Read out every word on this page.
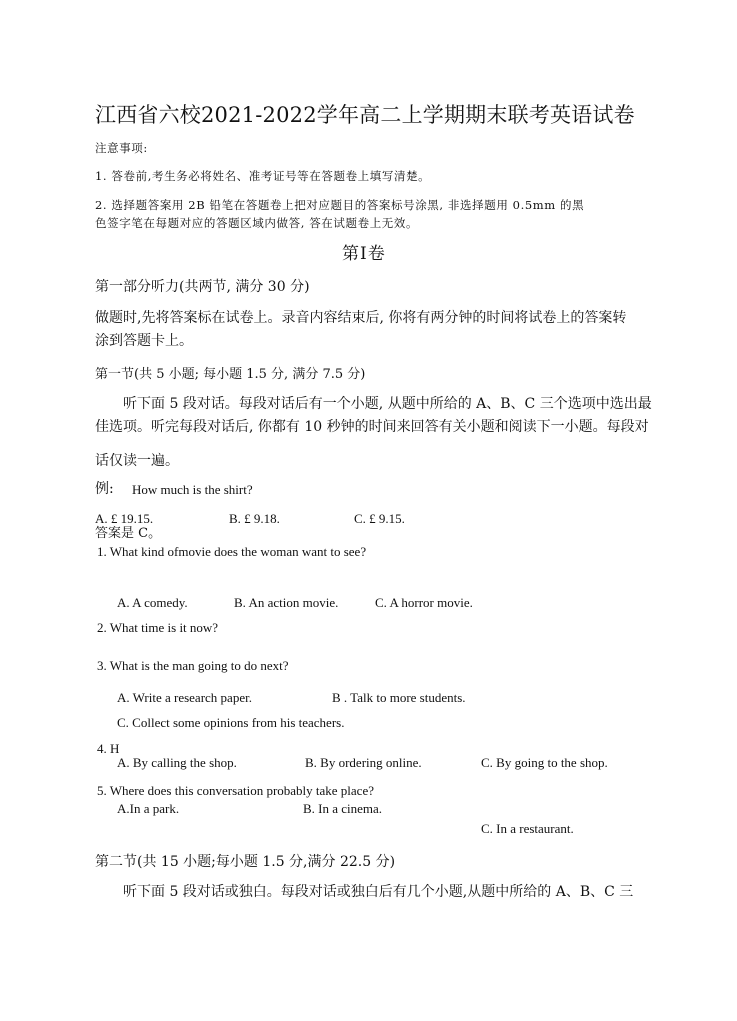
江西省六校2021-2022学年高二上学期期末联考英语试卷
注意事项:
1. 答卷前,考生务必将姓名、准考证号等在答题卷上填写清楚。
2. 选择题答案用 2B 铅笔在答题卷上把对应题目的答案标号涂黑, 非选择题用 0.5mm 的黑
色签字笔在每题对应的答题区域内做答, 答在试题卷上无效。
第Ⅰ卷
第一部分听力(共两节, 满分 30 分)
做题时,先将答案标在试卷上。录音内容结束后, 你将有两分钟的时间将试卷上的答案转
涂到答题卡上。
第一节(共 5 小题; 每小题 1.5 分, 满分 7.5 分)
听下面 5 段对话。每段对话后有一个小题, 从题中所给的 A、B、C 三个选项中选出最
佳选项。听完每段对话后, 你都有 10 秒钟的时间来回答有关小题和阅读下一小题。每段对
话仅读一遍。
例: How much is the shirt?
A. £ 19.15.	B. £ 9.18.	C. £ 9.15.
答案是 C。
1. What kind ofmovie does the woman want to see?
A. A comedy.	B. An action movie.	C. A horror movie.
2. What time is it now?
3. What is the man going to do next?
A. Write a research paper.	B . Talk to more students.
C. Collect some opinions from his teachers.
4. H
A. By calling the shop.	B. By ordering online.	C. By going to the shop.
5. Where does this conversation probably take place?
A.In a park.	B. In a cinema.
C. In a restaurant.
第二节(共 15 小题;每小题 1.5 分,满分 22.5 分)
听下面 5 段对话或独白。每段对话或独白后有几个小题,从题中所给的 A、B、C 三
